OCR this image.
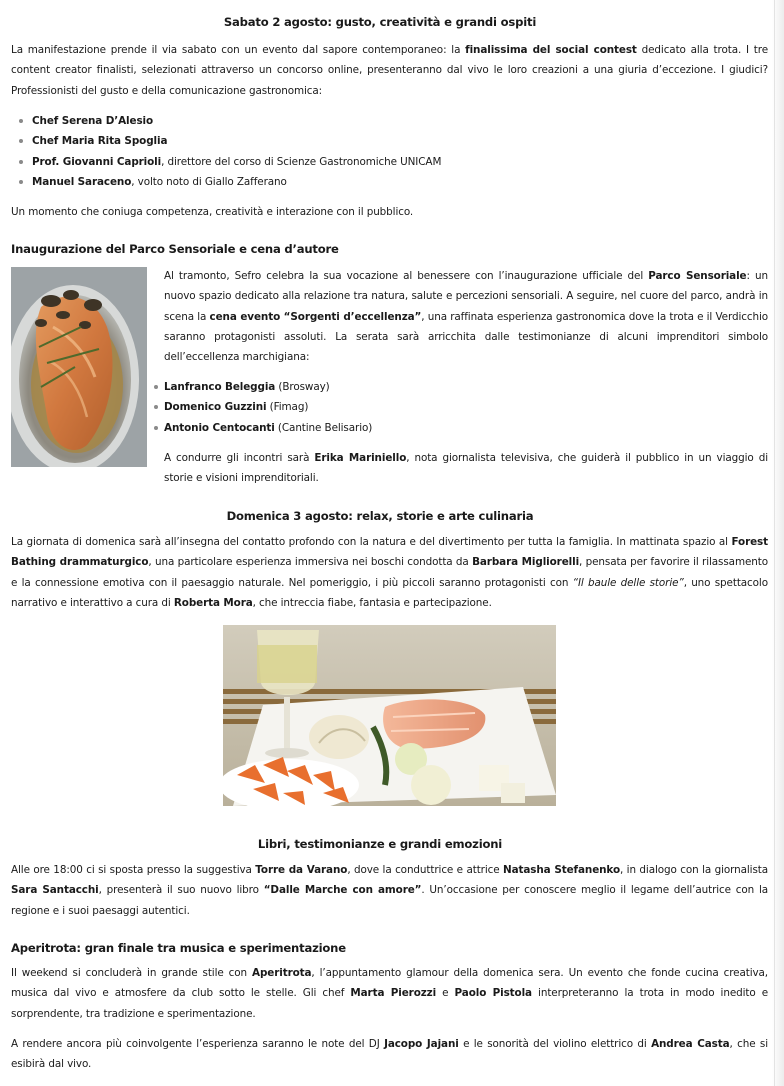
Sabato 2 agosto: gusto, creatività e grandi ospiti

La manifestazione prende il via sabato con un evento dal sapore contemporaneo: la finalissima del social contest dedicato alla trota. I tre content creator finalisti, selezionati attraverso un concorso online, presenteranno dal vivo le loro creazioni a una giuria d’eccezione. I giudici? Professionisti del gusto e della comunicazione gastronomica:

Chef Serena D’Alesio
Chef Maria Rita Spoglia
Prof. Giovanni Caprioli, direttore del corso di Scienze Gastronomiche UNICAM
Manuel Saraceno, volto noto di Giallo Zafferano

Un momento che coniuga competenza, creatività e interazione con il pubblico.

Inaugurazione del Parco Sensoriale e cena d’autore

Al tramonto, Sefro celebra la sua vocazione al benessere con l’inaugurazione ufficiale del Parco Sensoriale: un nuovo spazio dedicato alla relazione tra natura, salute e percezioni sensoriali. A seguire, nel cuore del parco, andrà in scena la cena evento “Sorgenti d’eccellenza”, una raffinata esperienza gastronomica dove la trota e il Verdicchio saranno protagonisti assoluti. La serata sarà arricchita dalle testimonianze di alcuni imprenditori simbolo dell’eccellenza marchigiana:

Lanfranco Beleggia (Brosway)
Domenico Guzzini (Fimag)
Antonio Centocanti (Cantine Belisario)

A condurre gli incontri sarà Erika Mariniello, nota giornalista televisiva, che guiderà il pubblico in un viaggio di storie e visioni imprenditoriali.

Domenica 3 agosto: relax, storie e arte culinaria

La giornata di domenica sarà all’insegna del contatto profondo con la natura e del divertimento per tutta la famiglia. In mattinata spazio al Forest Bathing drammaturgico, una particolare esperienza immersiva nei boschi condotta da Barbara Migliorelli, pensata per favorire il rilassamento e la connessione emotiva con il paesaggio naturale. Nel pomeriggio, i più piccoli saranno protagonisti con “Il baule delle storie”, uno spettacolo narrativo e interattivo a cura di Roberta Mora, che intreccia fiabe, fantasia e partecipazione.

Libri, testimonianze e grandi emozioni

Alle ore 18:00 ci si sposta presso la suggestiva Torre da Varano, dove la conduttrice e attrice Natasha Stefanenko, in dialogo con la giornalista Sara Santacchi, presenterà il suo nuovo libro “Dalle Marche con amore”. Un’occasione per conoscere meglio il legame dell’autrice con la regione e i suoi paesaggi autentici.

Aperitrota: gran finale tra musica e sperimentazione

Il weekend si concluderà in grande stile con Aperitrota, l’appuntamento glamour della domenica sera. Un evento che fonde cucina creativa, musica dal vivo e atmosfere da club sotto le stelle. Gli chef Marta Pierozzi e Paolo Pistola interpreteranno la trota in modo inedito e sorprendente, tra tradizione e sperimentazione.

A rendere ancora più coinvolgente l’esperienza saranno le note del DJ Jacopo Jajani e le sonorità del violino elettrico di Andrea Casta, che si esibirà dal vivo.
